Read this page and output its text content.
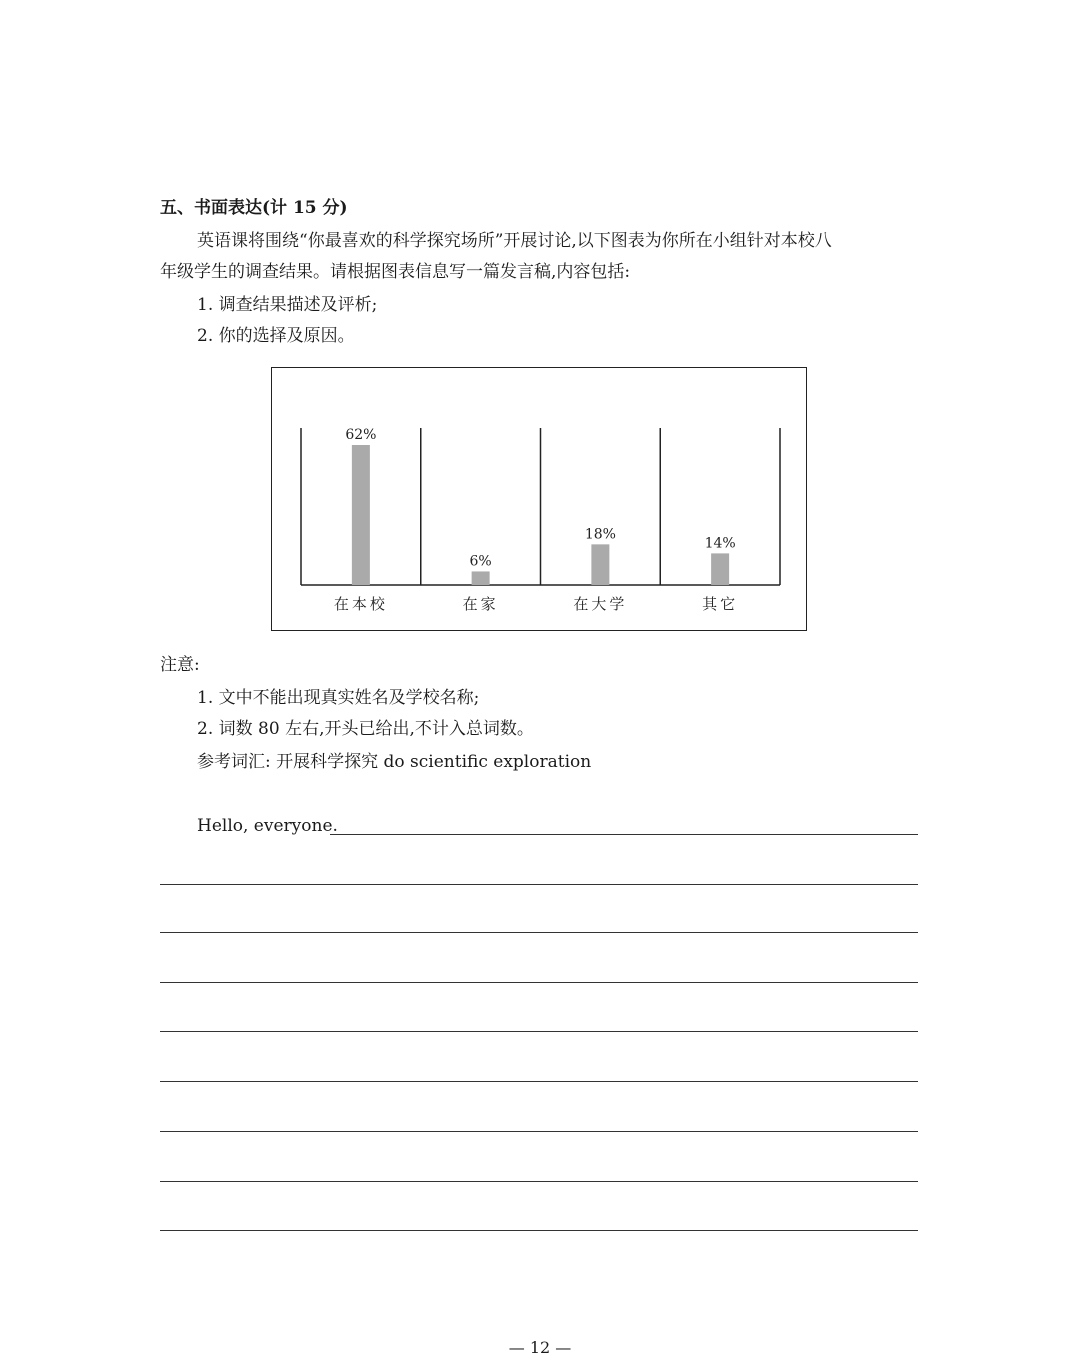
五、书面表达(计 15 分)
英语课将围绕“你最喜欢的科学探究场所”开展讨论,以下图表为你所在小组针对本校八
年级学生的调查结果。请根据图表信息写一篇发言稿,内容包括:
1. 调查结果描述及评析;
2. 你的选择及原因。
62%
在本校
6%
在家
18%
在大学
14%
其它
注意:
1. 文中不能出现真实姓名及学校名称;
2. 词数 80 左右,开头已给出,不计入总词数。
参考词汇: 开展科学探究 do scientific exploration
Hello, everyone.
— 12 —
